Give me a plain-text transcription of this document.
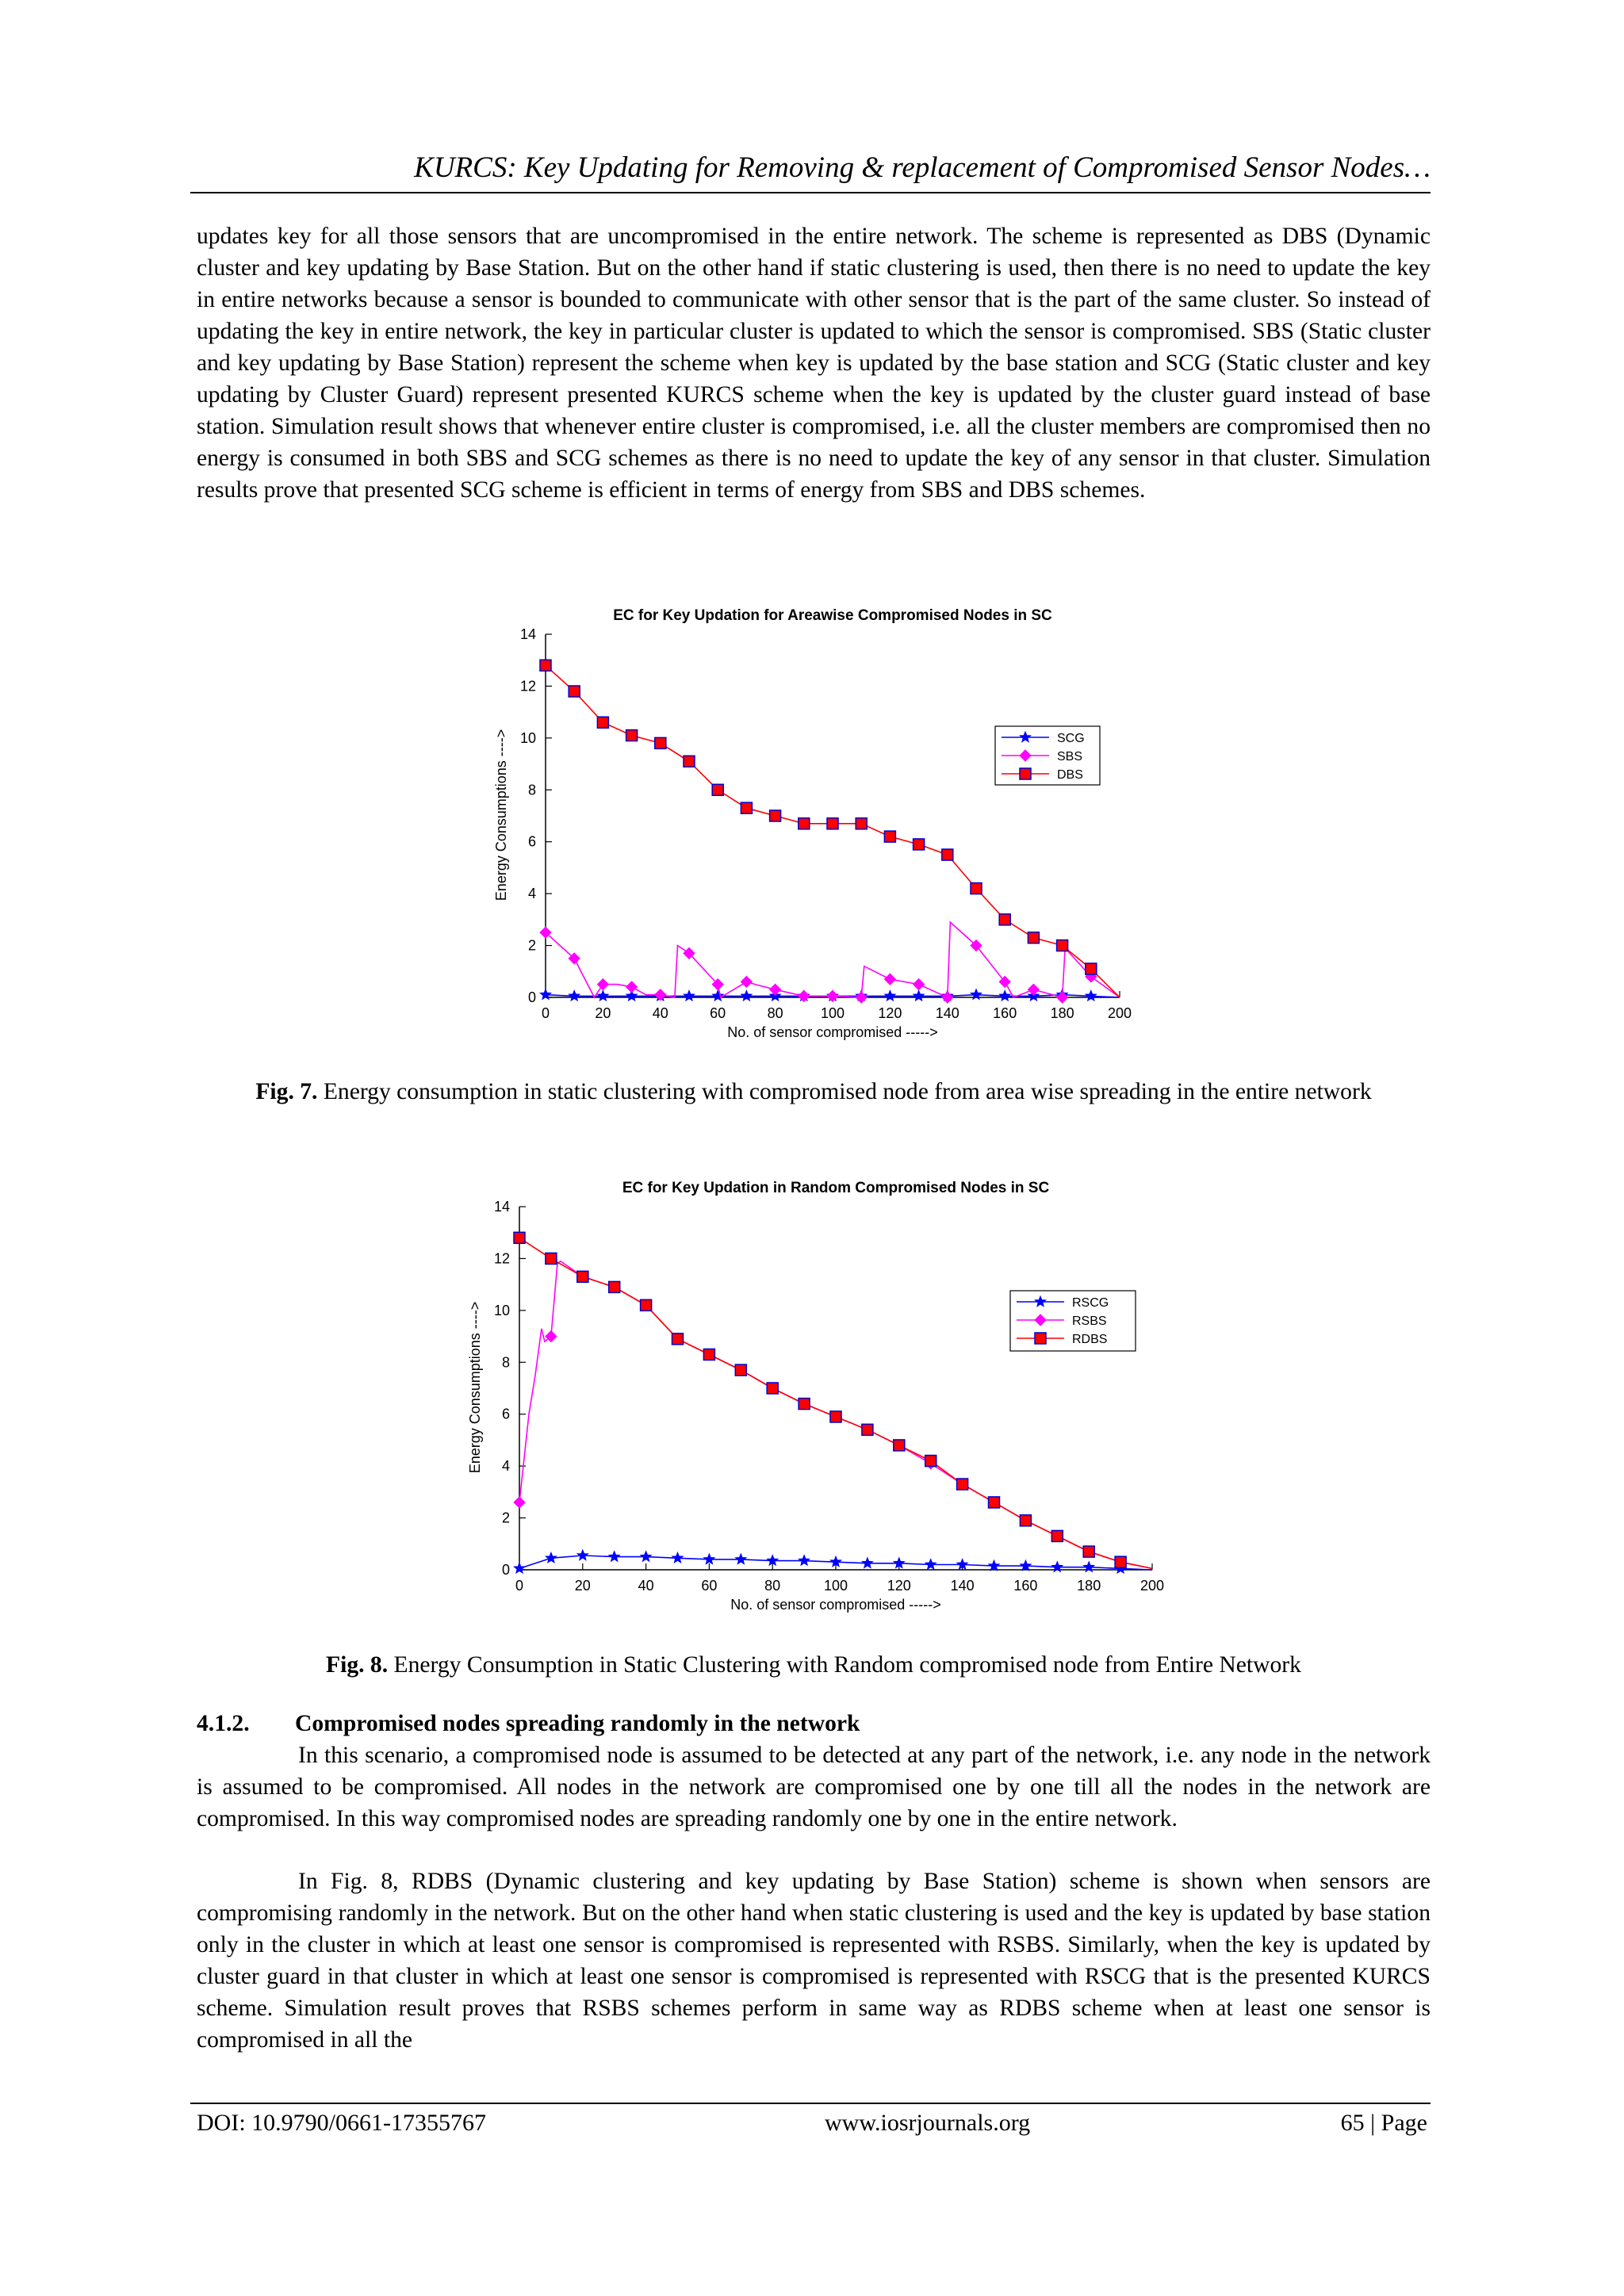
KURCS: Key Updating for Removing & replacement of Compromised Sensor Nodes…

updates key for all those sensors that are uncompromised in the entire network. The scheme is represented as DBS (Dynamic cluster and key updating by Base Station. But on the other hand if static clustering is used, then there is no need to update the key in entire networks because a sensor is bounded to communicate with other sensor that is the part of the same cluster. So instead of updating the key in entire network, the key in particular cluster is updated to which the sensor is compromised. SBS (Static cluster and key updating by Base Station) represent the scheme when key is updated by the base station and SCG (Static cluster and key updating by Cluster Guard) represent presented KURCS scheme when the key is updated by the cluster guard instead of base station. Simulation result shows that whenever entire cluster is compromised, i.e. all the cluster members are compromised then no energy is consumed in both SBS and SCG schemes as there is no need to update the key of any sensor in that cluster. Simulation results prove that presented SCG scheme is efficient in terms of energy from SBS and DBS schemes.

EC for Key Updation for Areawise Compromised Nodes in SC
0	20	40	60	80	100 120 140 160 180 200
0
2
4
6
8
10
12
14
No. of sensor compromised ----->
Energy Consumptions ---->	SCG
SBS
DBS

Fig. 7. Energy consumption in static clustering with compromised node from area wise spreading in the entire network

EC for Key Updation in Random Compromised Nodes in SC
0	20	40	60	80	100	120	140	160	180	200
0
2
4
6
8
10
12
14
No. of sensor compromised ----->
Energy Consumptions ---->	RSCG
RSBS
RDBS

Fig. 8. Energy Consumption in Static Clustering with Random compromised node from Entire Network

4.1.2. Compromised nodes spreading randomly in the network

In this scenario, a compromised node is assumed to be detected at any part of the network, i.e. any node in the network is assumed to be compromised. All nodes in the network are compromised one by one till all the nodes in the network are compromised. In this way compromised nodes are spreading randomly one by one in the entire network.

In Fig. 8, RDBS (Dynamic clustering and key updating by Base Station) scheme is shown when sensors are compromising randomly in the network. But on the other hand when static clustering is used and the key is updated by base station only in the cluster in which at least one sensor is compromised is represented with RSBS. Similarly, when the key is updated by cluster guard in that cluster in which at least one sensor is compromised is represented with RSCG that is the presented KURCS scheme. Simulation result proves that RSBS schemes perform in same way as RDBS scheme when at least one sensor is compromised in all the

DOI: 10.9790/0661-17355767	www.iosrjournals.org	65 | Page
